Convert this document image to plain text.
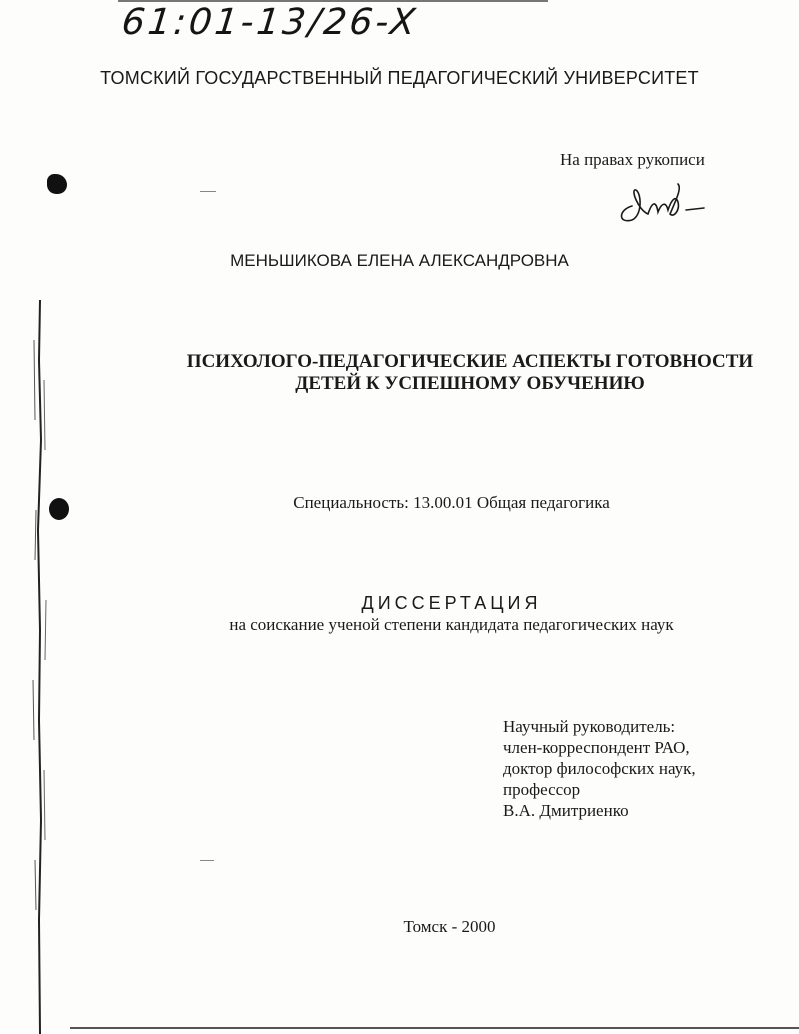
61:01-13/26-X
ТОМСКИЙ ГОСУДАРСТВЕННЫЙ ПЕДАГОГИЧЕСКИЙ УНИВЕРСИТЕТ
На правах рукописи
МЕНЬШИКОВА ЕЛЕНА АЛЕКСАНДРОВНА
ПСИХОЛОГО-ПЕДАГОГИЧЕСКИЕ АСПЕКТЫ ГОТОВНОСТИ
ДЕТЕЙ К УСПЕШНОМУ ОБУЧЕНИЮ
Специальность: 13.00.01 Общая педагогика
ДИССЕРТАЦИЯ
на соискание ученой степени кандидата педагогических наук
Научный руководитель:
член-корреспондент РАО,
доктор философских наук,
профессор
В.А. Дмитриенко
Томск - 2000
